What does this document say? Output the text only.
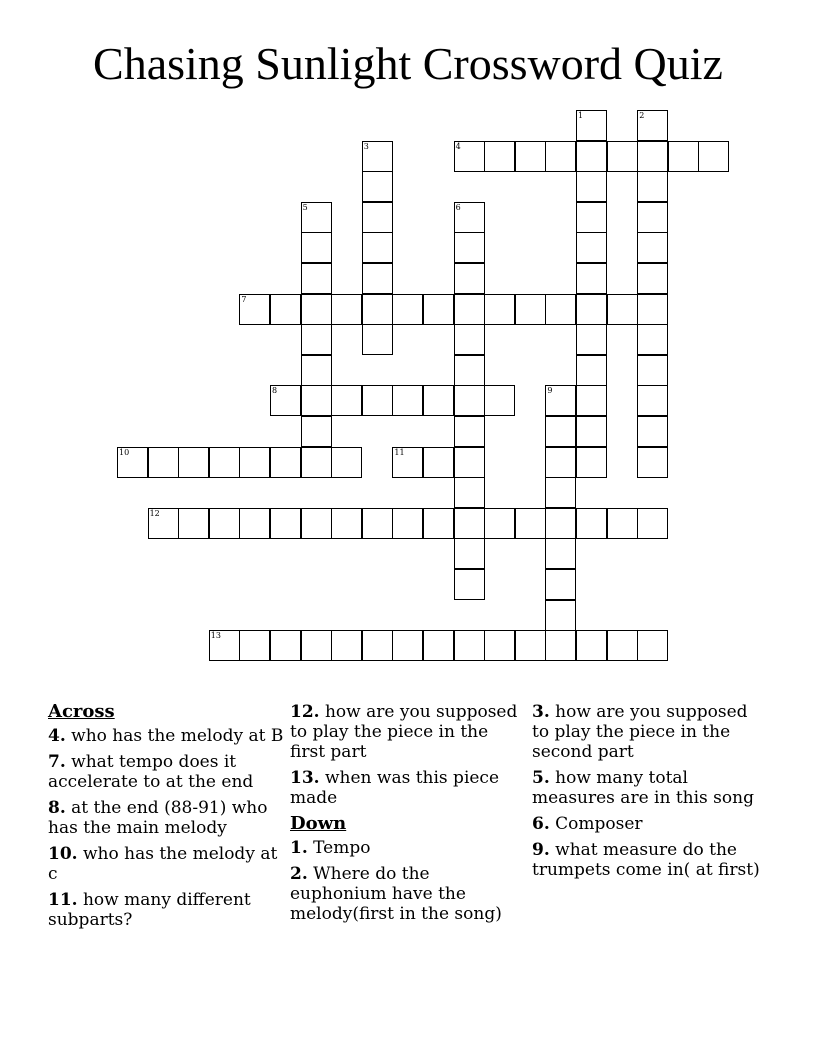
Chasing Sunlight Crossword Quiz
1	2
3	4
5	6
7
8	9
10	11
12
13
Across
4. who has the melody at B
7. what tempo does it accelerate to at the end
8. at the end (88-91) who has the main melody
10. who has the melody at c
11. how many different subparts?
12. how are you supposed to play the piece in the first part
13. when was this piece made
Down
1. Tempo
2. Where do the euphonium have the melody(first in the song)
3. how are you supposed to play the piece in the second part
5. how many total measures are in this song
6. Composer
9. what measure do the trumpets come in( at first)
